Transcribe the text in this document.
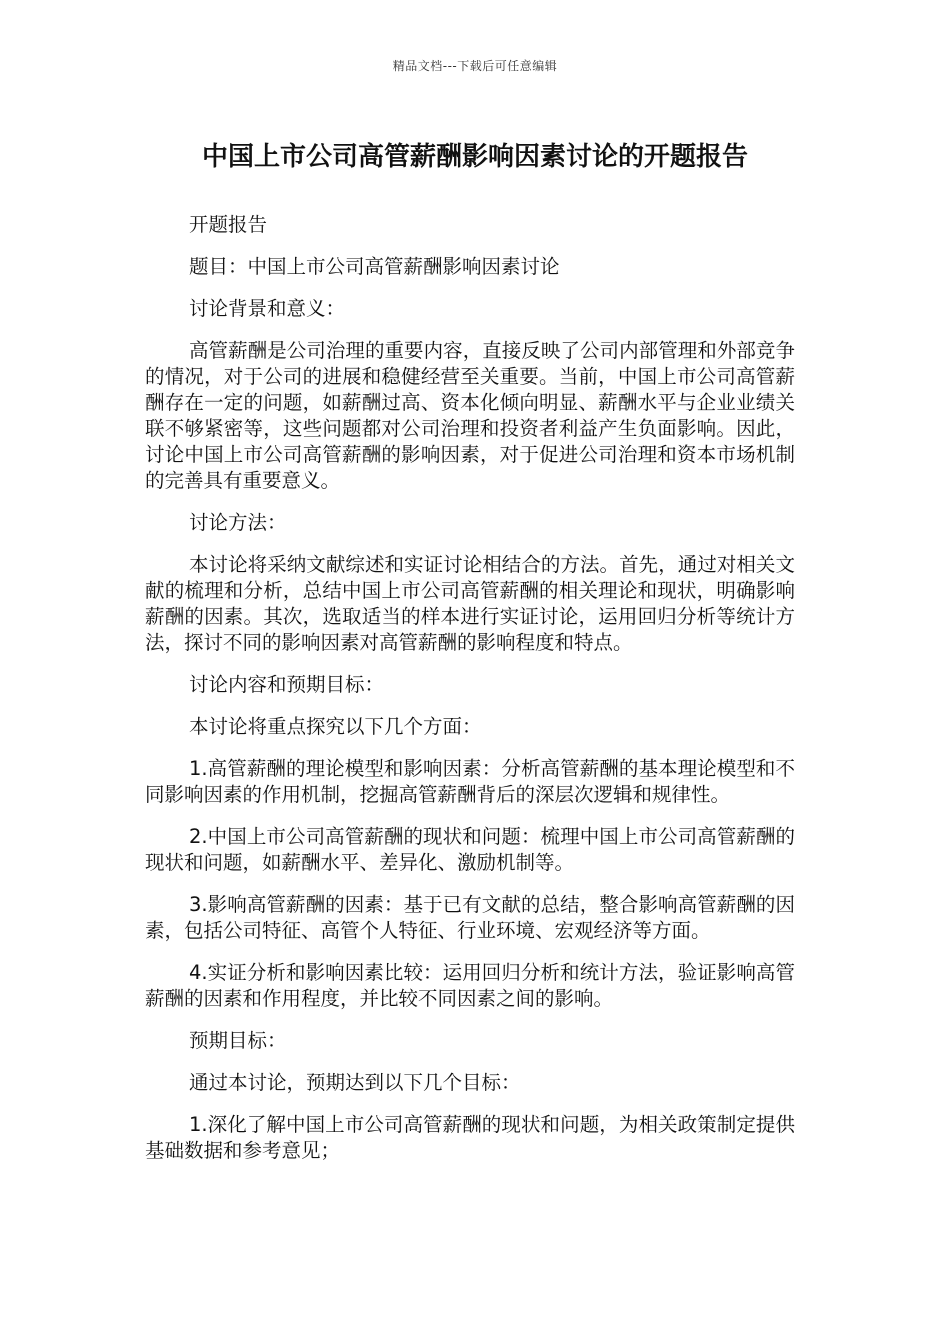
精品文档---下载后可任意编辑
中国上市公司高管薪酬影响因素讨论的开题报告

开题报告

题目：中国上市公司高管薪酬影响因素讨论

讨论背景和意义：

高管薪酬是公司治理的重要内容，直接反映了公司内部管理和外部竞争的情况，对于公司的进展和稳健经营至关重要。当前，中国上市公司高管薪酬存在一定的问题，如薪酬过高、资本化倾向明显、薪酬水平与企业业绩关联不够紧密等，这些问题都对公司治理和投资者利益产生负面影响。因此，讨论中国上市公司高管薪酬的影响因素，对于促进公司治理和资本市场机制的完善具有重要意义。

讨论方法：

本讨论将采纳文献综述和实证讨论相结合的方法。首先，通过对相关文献的梳理和分析，总结中国上市公司高管薪酬的相关理论和现状，明确影响薪酬的因素。其次，选取适当的样本进行实证讨论，运用回归分析等统计方法，探讨不同的影响因素对高管薪酬的影响程度和特点。

讨论内容和预期目标：

本讨论将重点探究以下几个方面：

1.高管薪酬的理论模型和影响因素：分析高管薪酬的基本理论模型和不同影响因素的作用机制，挖掘高管薪酬背后的深层次逻辑和规律性。

2.中国上市公司高管薪酬的现状和问题：梳理中国上市公司高管薪酬的现状和问题，如薪酬水平、差异化、激励机制等。

3.影响高管薪酬的因素：基于已有文献的总结，整合影响高管薪酬的因素，包括公司特征、高管个人特征、行业环境、宏观经济等方面。

4.实证分析和影响因素比较：运用回归分析和统计方法，验证影响高管薪酬的因素和作用程度，并比较不同因素之间的影响。

预期目标：

通过本讨论，预期达到以下几个目标：

1.深化了解中国上市公司高管薪酬的现状和问题，为相关政策制定提供基础数据和参考意见；
